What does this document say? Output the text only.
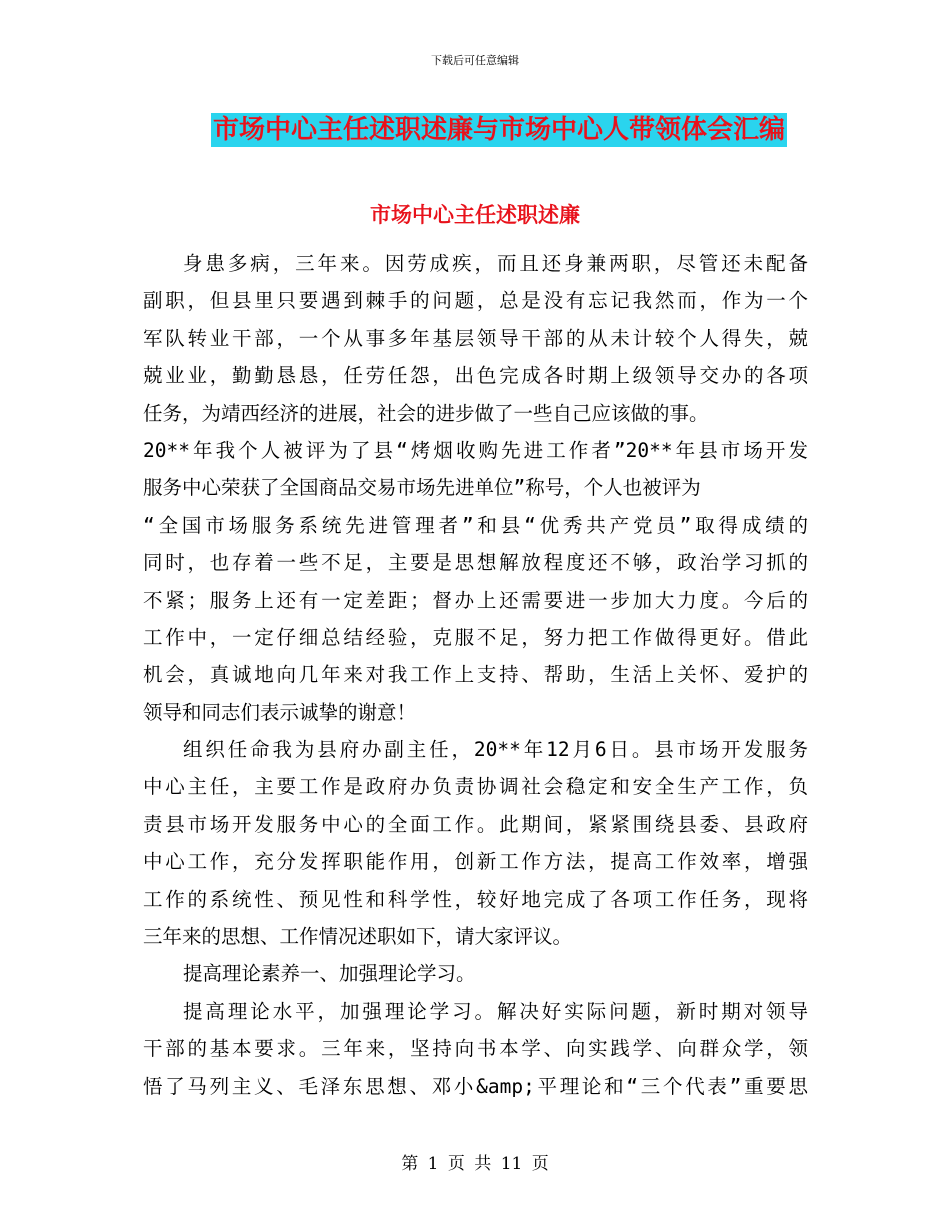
下载后可任意编辑
市场中心主任述职述廉与市场中心人带领体会汇编
市场中心主任述职述廉
身患多病，三年来。因劳成疾，而且还身兼两职，尽管还未配备
副职，但县里只要遇到棘手的问题，总是没有忘记我然而，作为一个
军队转业干部，一个从事多年基层领导干部的从未计较个人得失，兢
兢业业，勤勤恳恳，任劳任怨，出色完成各时期上级领导交办的各项
任务，为靖西经济的进展，社会的进步做了一些自己应该做的事。
20**年我个人被评为了县“烤烟收购先进工作者”20**年县市场开发
服务中心荣获了全国商品交易市场先进单位”称号，个人也被评为
“全国市场服务系统先进管理者”和县“优秀共产党员”取得成绩的
同时，也存着一些不足，主要是思想解放程度还不够，政治学习抓的
不紧；服务上还有一定差距；督办上还需要进一步加大力度。今后的
工作中，一定仔细总结经验，克服不足，努力把工作做得更好。借此
机会，真诚地向几年来对我工作上支持、帮助，生活上关怀、爱护的
领导和同志们表示诚挚的谢意！
组织任命我为县府办副主任，20**年12月6日。县市场开发服务
中心主任，主要工作是政府办负责协调社会稳定和安全生产工作，负
责县市场开发服务中心的全面工作。此期间，紧紧围绕县委、县政府
中心工作，充分发挥职能作用，创新工作方法，提高工作效率，增强
工作的系统性、预见性和科学性，较好地完成了各项工作任务，现将
三年来的思想、工作情况述职如下，请大家评议。
提高理论素养一、加强理论学习。
提高理论水平，加强理论学习。解决好实际问题，新时期对领导
干部的基本要求。三年来，坚持向书本学、向实践学、向群众学，领
悟了马列主义、毛泽东思想、邓小&amp;平理论和“三个代表”重要思
第 1 页 共 11 页
